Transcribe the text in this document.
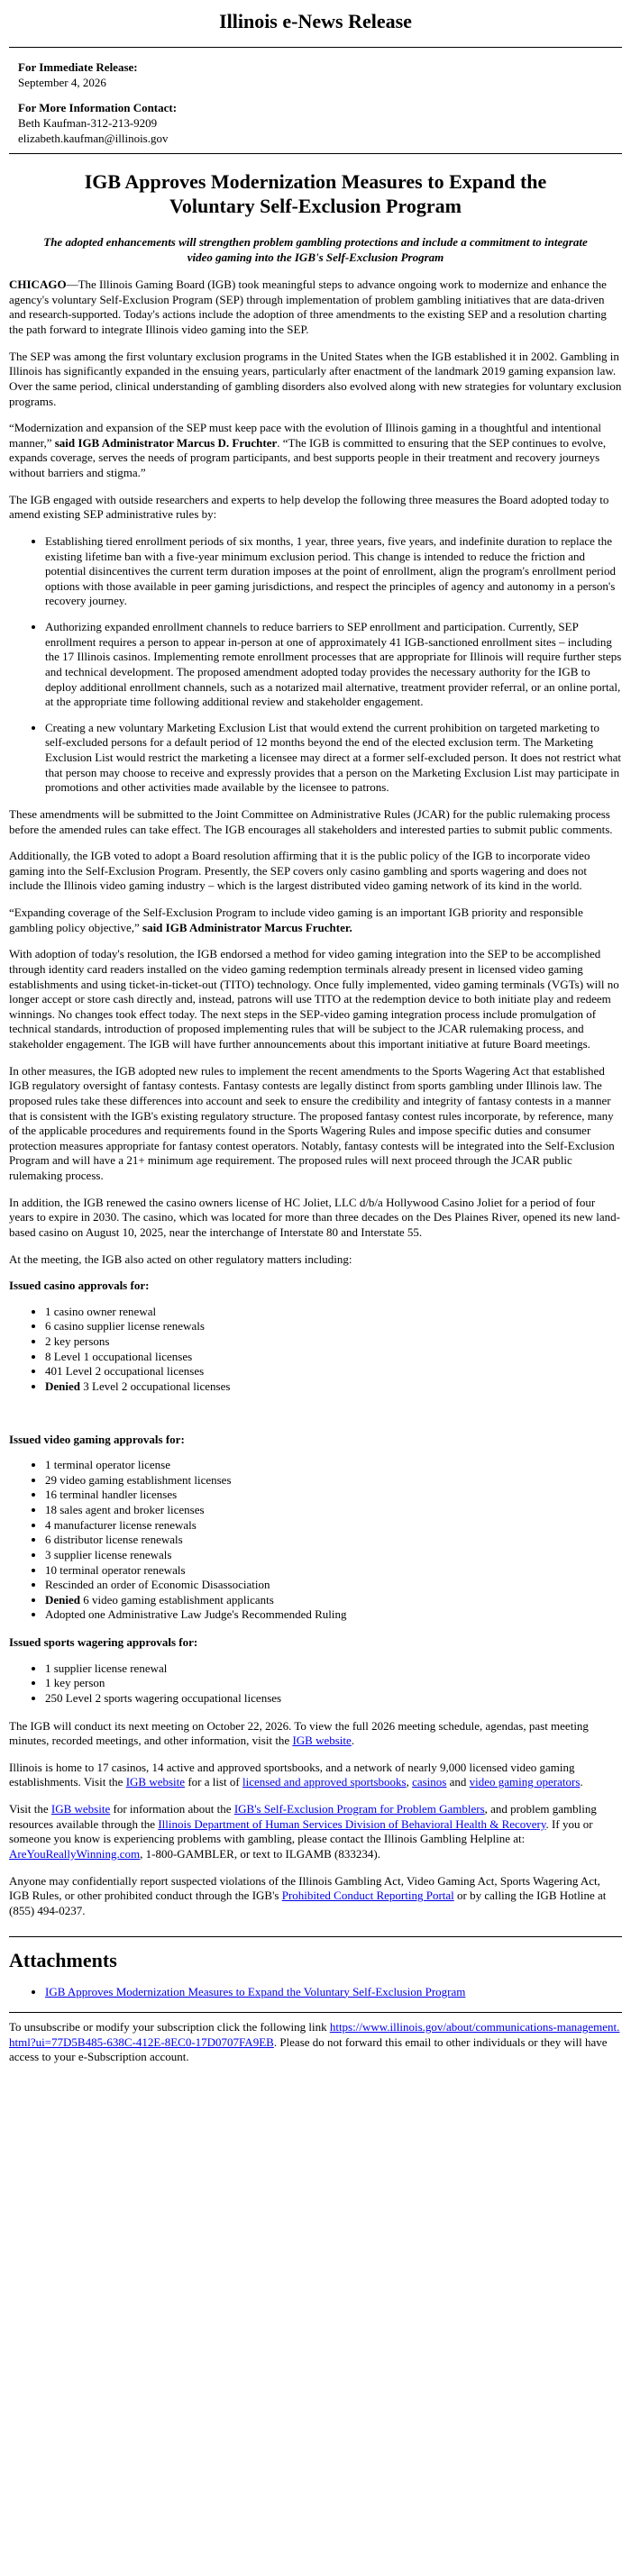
Illinois e-News Release

For Immediate Release:

September 4, 2026

For More Information Contact:

Beth Kaufman-312-213-9209

elizabeth.kaufman@illinois.gov

IGB Approves Modernization Measures to Expand the Voluntary Self-Exclusion Program

The adopted enhancements will strengthen problem gambling protections and include a commitment to integrate video gaming into the IGB's Self-Exclusion Program

CHICAGO—The Illinois Gaming Board (IGB) took meaningful steps to advance ongoing work to modernize and enhance the agency's voluntary Self-Exclusion Program (SEP) through implementation of problem gambling initiatives that are data-driven and research-supported. Today's actions include the adoption of three amendments to the existing SEP and a resolution charting the path forward to integrate Illinois video gaming into the SEP.

The SEP was among the first voluntary exclusion programs in the United States when the IGB established it in 2002. Gambling in Illinois has significantly expanded in the ensuing years, particularly after enactment of the landmark 2019 gaming expansion law. Over the same period, clinical understanding of gambling disorders also evolved along with new strategies for voluntary exclusion programs.

“Modernization and expansion of the SEP must keep pace with the evolution of Illinois gaming in a thoughtful and intentional manner,” said IGB Administrator Marcus D. Fruchter. “The IGB is committed to ensuring that the SEP continues to evolve, expands coverage, serves the needs of program participants, and best supports people in their treatment and recovery journeys without barriers and stigma.”

The IGB engaged with outside researchers and experts to help develop the following three measures the Board adopted today to amend existing SEP administrative rules by:

• Establishing tiered enrollment periods of six months, 1 year, three years, five years, and indefinite duration to replace the existing lifetime ban with a five-year minimum exclusion period. This change is intended to reduce the friction and potential disincentives the current term duration imposes at the point of enrollment, align the program's enrollment period options with those available in peer gaming jurisdictions, and respect the principles of agency and autonomy in a person's recovery journey.
• Authorizing expanded enrollment channels to reduce barriers to SEP enrollment and participation. Currently, SEP enrollment requires a person to appear in-person at one of approximately 41 IGB-sanctioned enrollment sites – including the 17 Illinois casinos. Implementing remote enrollment processes that are appropriate for Illinois will require further steps and technical development. The proposed amendment adopted today provides the necessary authority for the IGB to deploy additional enrollment channels, such as a notarized mail alternative, treatment provider referral, or an online portal, at the appropriate time following additional review and stakeholder engagement.
• Creating a new voluntary Marketing Exclusion List that would extend the current prohibition on targeted marketing to self-excluded persons for a default period of 12 months beyond the end of the elected exclusion term. The Marketing Exclusion List would restrict the marketing a licensee may direct at a former self-excluded person. It does not restrict what that person may choose to receive and expressly provides that a person on the Marketing Exclusion List may participate in promotions and other activities made available by the licensee to patrons.

These amendments will be submitted to the Joint Committee on Administrative Rules (JCAR) for the public rulemaking process before the amended rules can take effect. The IGB encourages all stakeholders and interested parties to submit public comments.

Additionally, the IGB voted to adopt a Board resolution affirming that it is the public policy of the IGB to incorporate video gaming into the Self-Exclusion Program. Presently, the SEP covers only casino gambling and sports wagering and does not include the Illinois video gaming industry – which is the largest distributed video gaming network of its kind in the world.

“Expanding coverage of the Self-Exclusion Program to include video gaming is an important IGB priority and responsible gambling policy objective,” said IGB Administrator Marcus Fruchter.

With adoption of today's resolution, the IGB endorsed a method for video gaming integration into the SEP to be accomplished through identity card readers installed on the video gaming redemption terminals already present in licensed video gaming establishments and using ticket-in-ticket-out (TITO) technology. Once fully implemented, video gaming terminals (VGTs) will no longer accept or store cash directly and, instead, patrons will use TITO at the redemption device to both initiate play and redeem winnings. No changes took effect today. The next steps in the SEP-video gaming integration process include promulgation of technical standards, introduction of proposed implementing rules that will be subject to the JCAR rulemaking process, and stakeholder engagement. The IGB will have further announcements about this important initiative at future Board meetings.

In other measures, the IGB adopted new rules to implement the recent amendments to the Sports Wagering Act that established IGB regulatory oversight of fantasy contests. Fantasy contests are legally distinct from sports gambling under Illinois law. The proposed rules take these differences into account and seek to ensure the credibility and integrity of fantasy contests in a manner that is consistent with the IGB's existing regulatory structure. The proposed fantasy contest rules incorporate, by reference, many of the applicable procedures and requirements found in the Sports Wagering Rules and impose specific duties and consumer protection measures appropriate for fantasy contest operators. Notably, fantasy contests will be integrated into the Self-Exclusion Program and will have a 21+ minimum age requirement. The proposed rules will next proceed through the JCAR public rulemaking process.

In addition, the IGB renewed the casino owners license of HC Joliet, LLC d/b/a Hollywood Casino Joliet for a period of four years to expire in 2030. The casino, which was located for more than three decades on the Des Plaines River, opened its new land-based casino on August 10, 2025, near the interchange of Interstate 80 and Interstate 55.

At the meeting, the IGB also acted on other regulatory matters including:

Issued casino approvals for:

• 1 casino owner renewal
• 6 casino supplier license renewals
• 2 key persons
• 8 Level 1 occupational licenses
• 401 Level 2 occupational licenses
• Denied 3 Level 2 occupational licenses

Issued video gaming approvals for:

• 1 terminal operator license
• 29 video gaming establishment licenses
• 16 terminal handler licenses
• 18 sales agent and broker licenses
• 4 manufacturer license renewals
• 6 distributor license renewals
• 3 supplier license renewals
• 10 terminal operator renewals
• Rescinded an order of Economic Disassociation
• Denied 6 video gaming establishment applicants
• Adopted one Administrative Law Judge's Recommended Ruling

Issued sports wagering approvals for:

• 1 supplier license renewal
• 1 key person
• 250 Level 2 sports wagering occupational licenses

The IGB will conduct its next meeting on October 22, 2026. To view the full 2026 meeting schedule, agendas, past meeting minutes, recorded meetings, and other information, visit the IGB website.

Illinois is home to 17 casinos, 14 active and approved sportsbooks, and a network of nearly 9,000 licensed video gaming establishments. Visit the IGB website for a list of licensed and approved sportsbooks, casinos and video gaming operators.

Visit the IGB website for information about the IGB's Self-Exclusion Program for Problem Gamblers, and problem gambling resources available through the Illinois Department of Human Services Division of Behavioral Health & Recovery. If you or someone you know is experiencing problems with gambling, please contact the Illinois Gambling Helpline at: AreYouReallyWinning.com, 1-800-GAMBLER, or text to ILGAMB (833234).

Anyone may confidentially report suspected violations of the Illinois Gambling Act, Video Gaming Act, Sports Wagering Act, IGB Rules, or other prohibited conduct through the IGB's Prohibited Conduct Reporting Portal or by calling the IGB Hotline at (855) 494-0237.

Attachments
• IGB Approves Modernization Measures to Expand the Voluntary Self-Exclusion Program
To unsubscribe or modify your subscription click the following link https://www.illinois.gov/about/communications-management.html?ui=77D5B485-638C-412E-8EC0-17D0707FA9EB. Please do not forward this email to other individuals or they will have access to your e-Subscription account.
